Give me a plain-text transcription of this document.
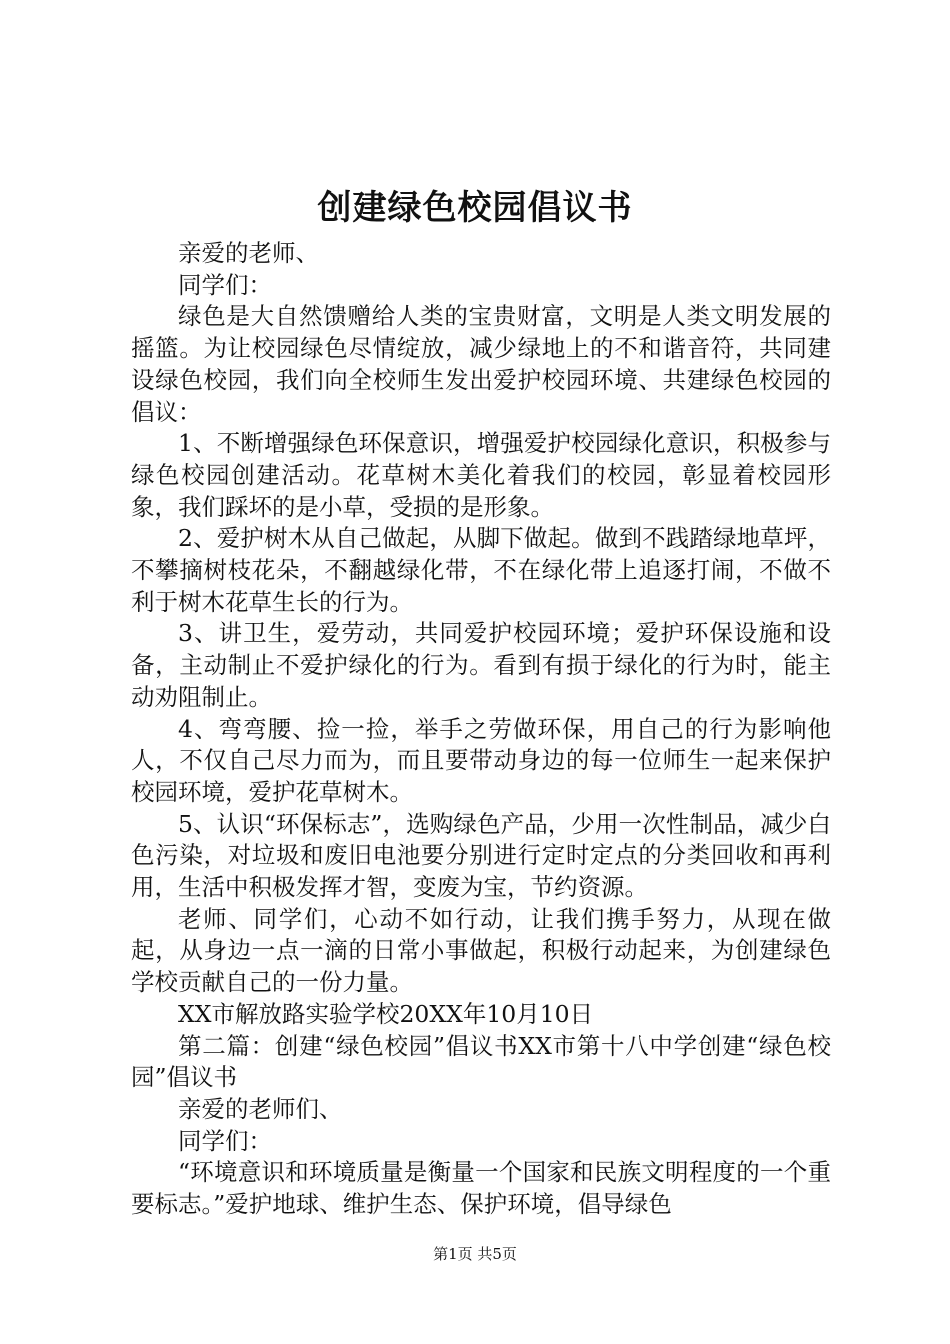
创建绿色校园倡议书

亲爱的老师、

同学们：

绿色是大自然馈赠给人类的宝贵财富，文明是人类文明发展的摇篮。为让校园绿色尽情绽放，减少绿地上的不和谐音符，共同建设绿色校园，我们向全校师生发出爱护校园环境、共建绿色校园的倡议：

1、不断增强绿色环保意识，增强爱护校园绿化意识，积极参与绿色校园创建活动。花草树木美化着我们的校园，彰显着校园形象，我们踩坏的是小草，受损的是形象。

2、爱护树木从自己做起，从脚下做起。做到不践踏绿地草坪，不攀摘树枝花朵，不翻越绿化带，不在绿化带上追逐打闹，不做不利于树木花草生长的行为。

3、讲卫生，爱劳动，共同爱护校园环境；爱护环保设施和设备，主动制止不爱护绿化的行为。看到有损于绿化的行为时，能主动劝阻制止。

4、弯弯腰、捡一捡，举手之劳做环保，用自己的行为影响他人，不仅自己尽力而为，而且要带动身边的每一位师生一起来保护校园环境，爱护花草树木。

5、认识“环保标志”，选购绿色产品，少用一次性制品，减少白色污染，对垃圾和废旧电池要分别进行定时定点的分类回收和再利用，生活中积极发挥才智，变废为宝，节约资源。

老师、同学们，心动不如行动，让我们携手努力，从现在做起，从身边一点一滴的日常小事做起，积极行动起来，为创建绿色学校贡献自己的一份力量。

XX市解放路实验学校20XX年10月10日

第二篇：创建“绿色校园”倡议书XX市第十八中学创建“绿色校园”倡议书

亲爱的老师们、

同学们：

“环境意识和环境质量是衡量一个国家和民族文明程度的一个重要标志。”爱护地球、维护生态、保护环境，倡导绿色

第1页 共5页
